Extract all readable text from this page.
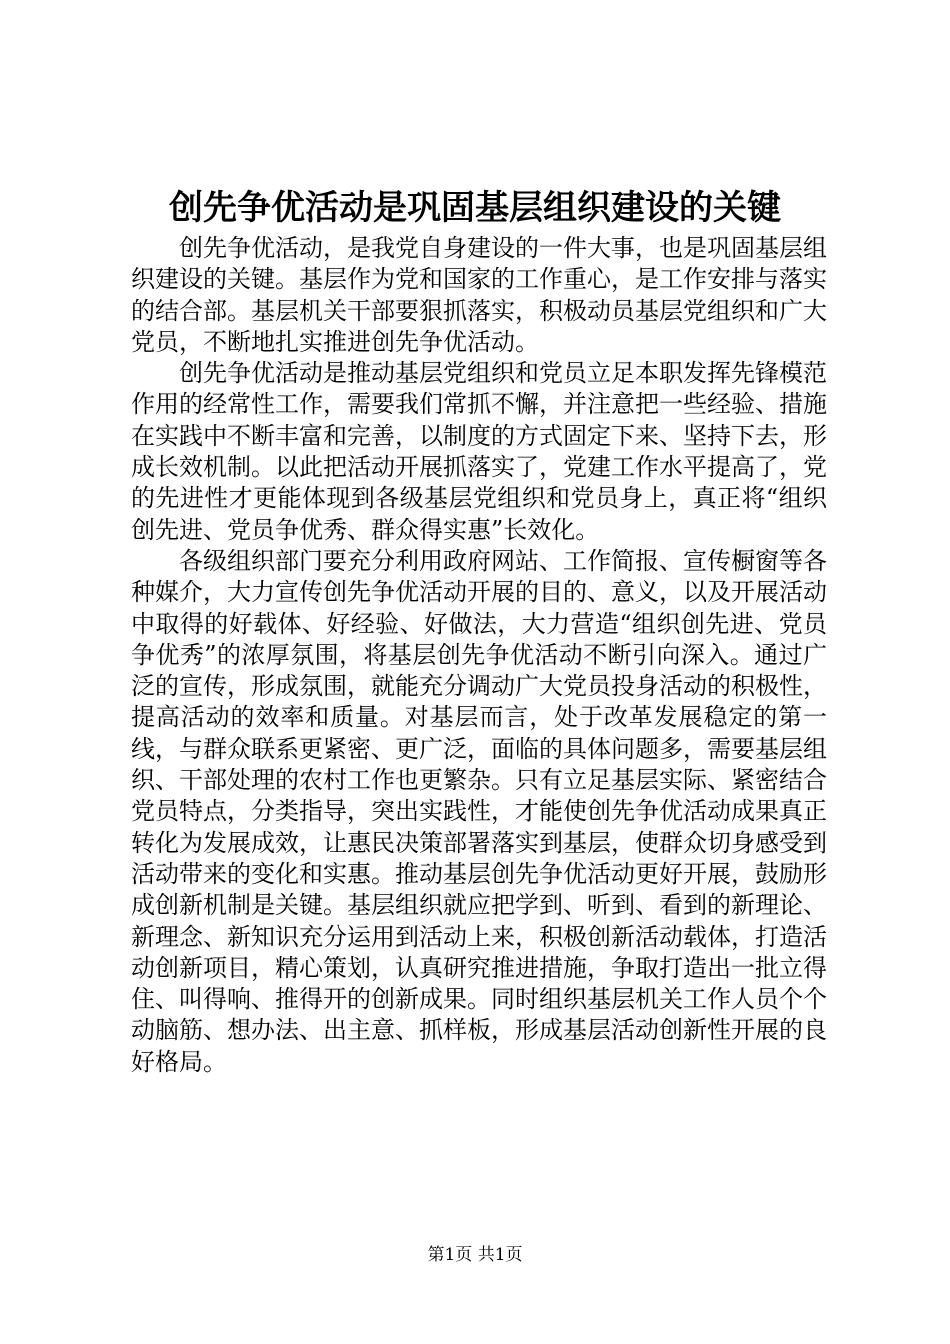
创先争优活动是巩固基层组织建设的关键

创先争优活动，是我党自身建设的一件大事，也是巩固基层组织建设的关键。基层作为党和国家的工作重心，是工作安排与落实的结合部。基层机关干部要狠抓落实，积极动员基层党组织和广大党员，不断地扎实推进创先争优活动。

创先争优活动是推动基层党组织和党员立足本职发挥先锋模范作用的经常性工作，需要我们常抓不懈，并注意把一些经验、措施在实践中不断丰富和完善，以制度的方式固定下来、坚持下去，形成长效机制。以此把活动开展抓落实了，党建工作水平提高了，党的先进性才更能体现到各级基层党组织和党员身上，真正将“组织创先进、党员争优秀、群众得实惠”长效化。

各级组织部门要充分利用政府网站、工作简报、宣传橱窗等各种媒介，大力宣传创先争优活动开展的目的、意义，以及开展活动中取得的好载体、好经验、好做法，大力营造“组织创先进、党员争优秀”的浓厚氛围，将基层创先争优活动不断引向深入。通过广泛的宣传，形成氛围，就能充分调动广大党员投身活动的积极性，提高活动的效率和质量。对基层而言，处于改革发展稳定的第一线，与群众联系更紧密、更广泛，面临的具体问题多，需要基层组织、干部处理的农村工作也更繁杂。只有立足基层实际、紧密结合党员特点，分类指导，突出实践性，才能使创先争优活动成果真正转化为发展成效，让惠民决策部署落实到基层，使群众切身感受到活动带来的变化和实惠。推动基层创先争优活动更好开展，鼓励形成创新机制是关键。基层组织就应把学到、听到、看到的新理论、新理念、新知识充分运用到活动上来，积极创新活动载体，打造活动创新项目，精心策划，认真研究推进措施，争取打造出一批立得住、叫得响、推得开的创新成果。同时组织基层机关工作人员个个动脑筋、想办法、出主意、抓样板，形成基层活动创新性开展的良好格局。

第1页 共1页
